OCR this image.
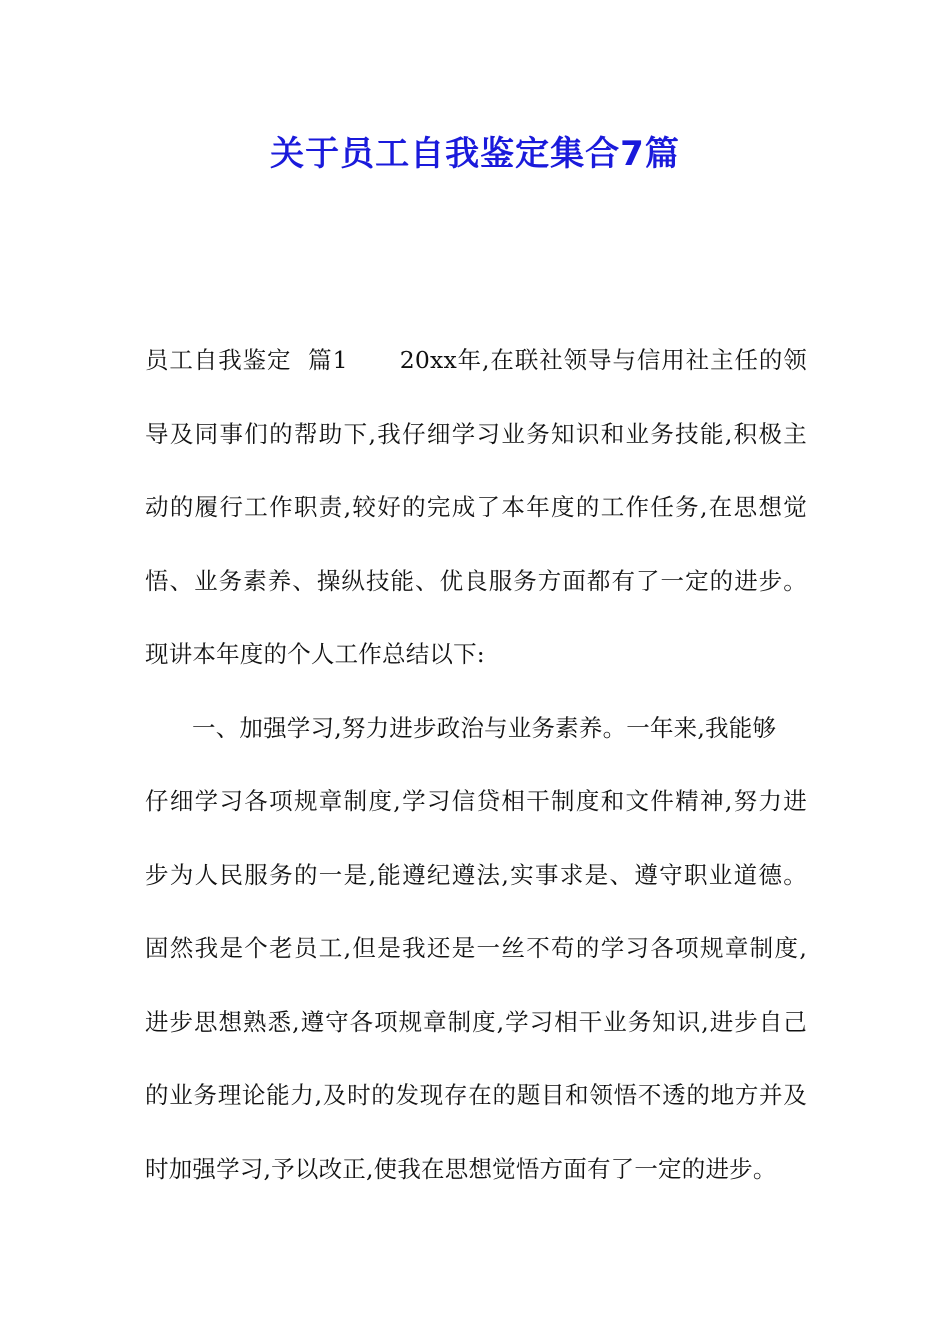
关于员工自我鉴定集合7篇
员工自我鉴定  篇1 20xx年,在联社领导与信用社主任的领
导及同事们的帮助下,我仔细学习业务知识和业务技能,积极主
动的履行工作职责,较好的完成了本年度的工作任务,在思想觉
悟、业务素养、操纵技能、优良服务方面都有了一定的进步。
现讲本年度的个人工作总结以下:
一、加强学习,努力进步政治与业务素养。一年来,我能够
仔细学习各项规章制度,学习信贷相干制度和文件精神,努力进
步为人民服务的一是,能遵纪遵法,实事求是、遵守职业道德。
固然我是个老员工,但是我还是一丝不苟的学习各项规章制度,
进步思想熟悉,遵守各项规章制度,学习相干业务知识,进步自己
的业务理论能力,及时的发现存在的题目和领悟不透的地方并及
时加强学习,予以改正,使我在思想觉悟方面有了一定的进步。
